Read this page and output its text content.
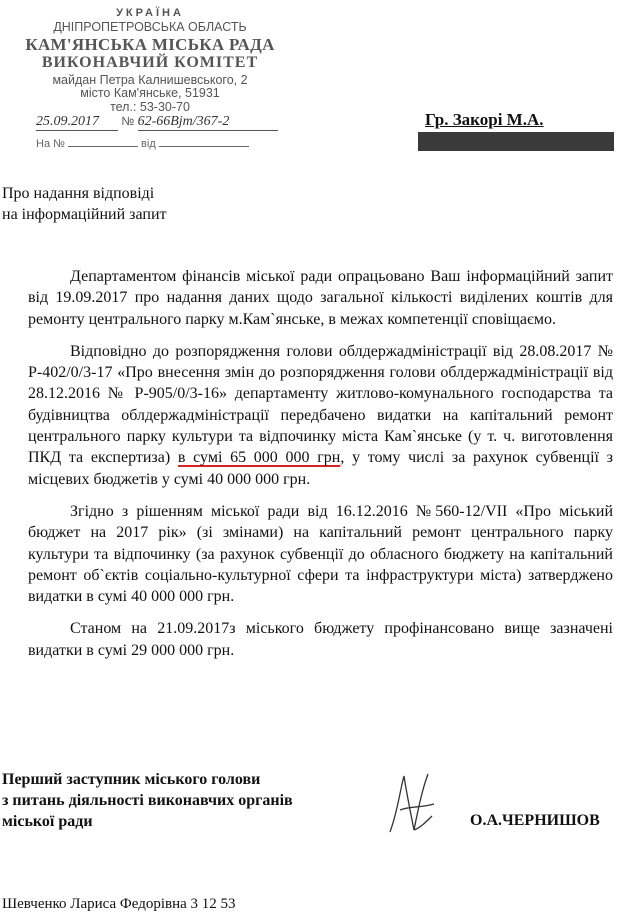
УКРАЇНА
ДНІПРОПЕТРОВСЬКА ОБЛАСТЬ
КАМ'ЯНСЬКА МІСЬКА РАДА
ВИКОНАВЧИЙ КОМІТЕТ
майдан Петра Калнишевського, 2
місто Кам'янське, 51931
тел.: 53-30-70
25.09.2017 № 62-66Вјт/367-2
На №	від
Гр. Закорі М.А.
Про надання відповіді
на інформаційний запит

Департаментом фінансів міської ради опрацьовано Ваш інформаційний запит від 19.09.2017 про надання даних щодо загальної кількості виділених коштів для ремонту центрального парку м.Кам`янське, в межах компетенції сповіщаємо.

Відповідно до розпорядження голови облдержадміністрації від 28.08.2017 № Р-402/0/3-17 «Про внесення змін до розпорядження голови облдержадміністрації від 28.12.2016 № Р-905/0/3-16» департаменту житлово-комунального господарства та будівництва облдержадміністрації передбачено видатки на капітальний ремонт центрального парку культури та відпочинку міста Кам`янське (у т. ч. виготовлення ПКД та експертиза) в сумі 65 000 000 грн, у тому числі за рахунок субвенції з місцевих бюджетів у сумі 40 000 000 грн.

Згідно з рішенням міської ради від 16.12.2016 №560-12/VII «Про міський бюджет на 2017 рік» (зі змінами) на капітальний ремонт центрального парку культури та відпочинку (за рахунок субвенції до обласного бюджету на капітальний ремонт об`єктів соціально-культурної сфери та інфраструктури міста) затверджено видатки в сумі 40 000 000 грн.

Станом на 21.09.2017з міського бюджету профінансовано вище зазначені видатки в сумі 29 000 000 грн.

Перший заступник міського голови
з питань діяльності виконавчих органів
міської ради	О.А.ЧЕРНИШОВ
Шевченко Лариса Федорівна 3 12 53
